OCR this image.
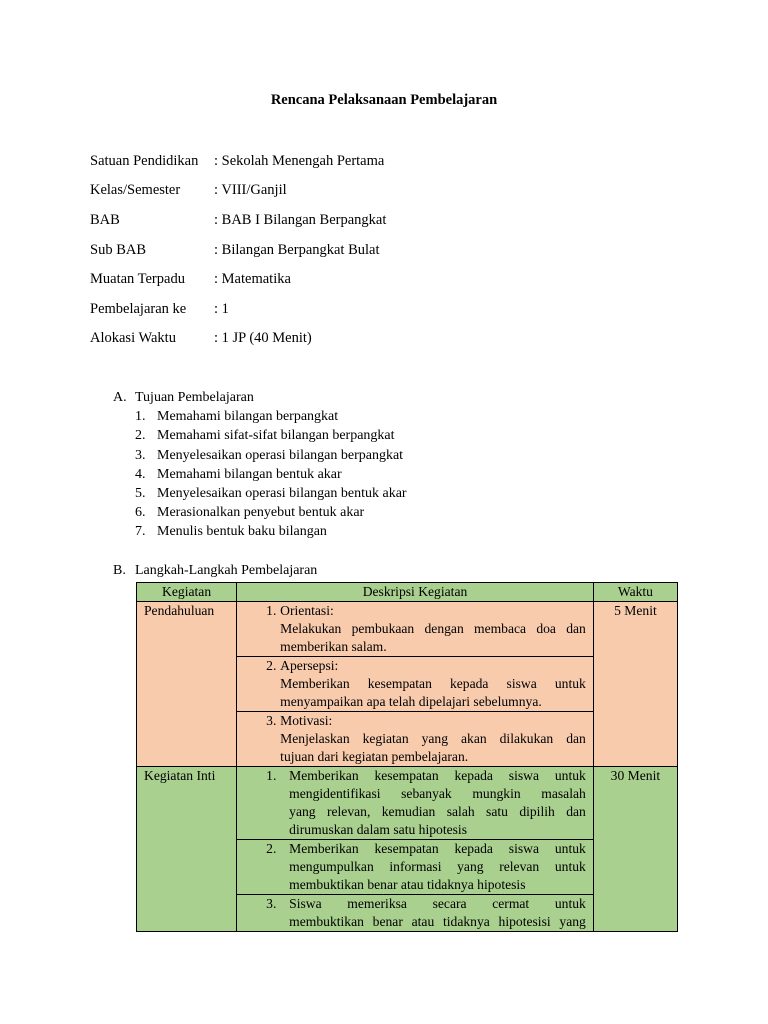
Rencana Pelaksanaan Pembelajaran
Satuan Pendidikan	: Sekolah Menengah Pertama
Kelas/Semester	: VIII/Ganjil
BAB	: BAB I Bilangan Berpangkat
Sub BAB	: Bilangan Berpangkat Bulat
Muatan Terpadu	: Matematika
Pembelajaran ke	: 1
Alokasi Waktu	: 1 JP (40 Menit)
A. Tujuan Pembelajaran
1. Memahami bilangan berpangkat
2. Memahami sifat-sifat bilangan berpangkat
3. Menyelesaikan operasi bilangan berpangkat
4. Memahami bilangan bentuk akar
5. Menyelesaikan operasi bilangan bentuk akar
6. Merasionalkan penyebut bentuk akar
7. Menulis bentuk baku bilangan
B. Langkah-Langkah Pembelajaran
Kegiatan	Deskripsi Kegiatan	Waktu
Pendahuluan	1. Orientasi:
Melakukan pembukaan dengan membaca doa dan
memberikan salam.	5 Menit

	2. Apersepsi:
Memberikan kesempatan kepada siswa untuk
menyampaikan apa telah dipelajari sebelumnya.	

	3. Motivasi:
Menjelaskan kegiatan yang akan dilakukan dan
tujuan dari kegiatan pembelajaran.	

Kegiatan Inti	1. Memberikan kesempatan kepada siswa untuk
mengidentifikasi sebanyak mungkin masalah
yang relevan, kemudian salah satu dipilih dan
dirumuskan dalam satu hipotesis	30 Menit

	2. Memberikan kesempatan kepada siswa untuk
mengumpulkan informasi yang relevan untuk
membuktikan benar atau tidaknya hipotesis	

	3. Siswa memeriksa secara cermat untuk
membuktikan benar atau tidaknya hipotesisi yang	
